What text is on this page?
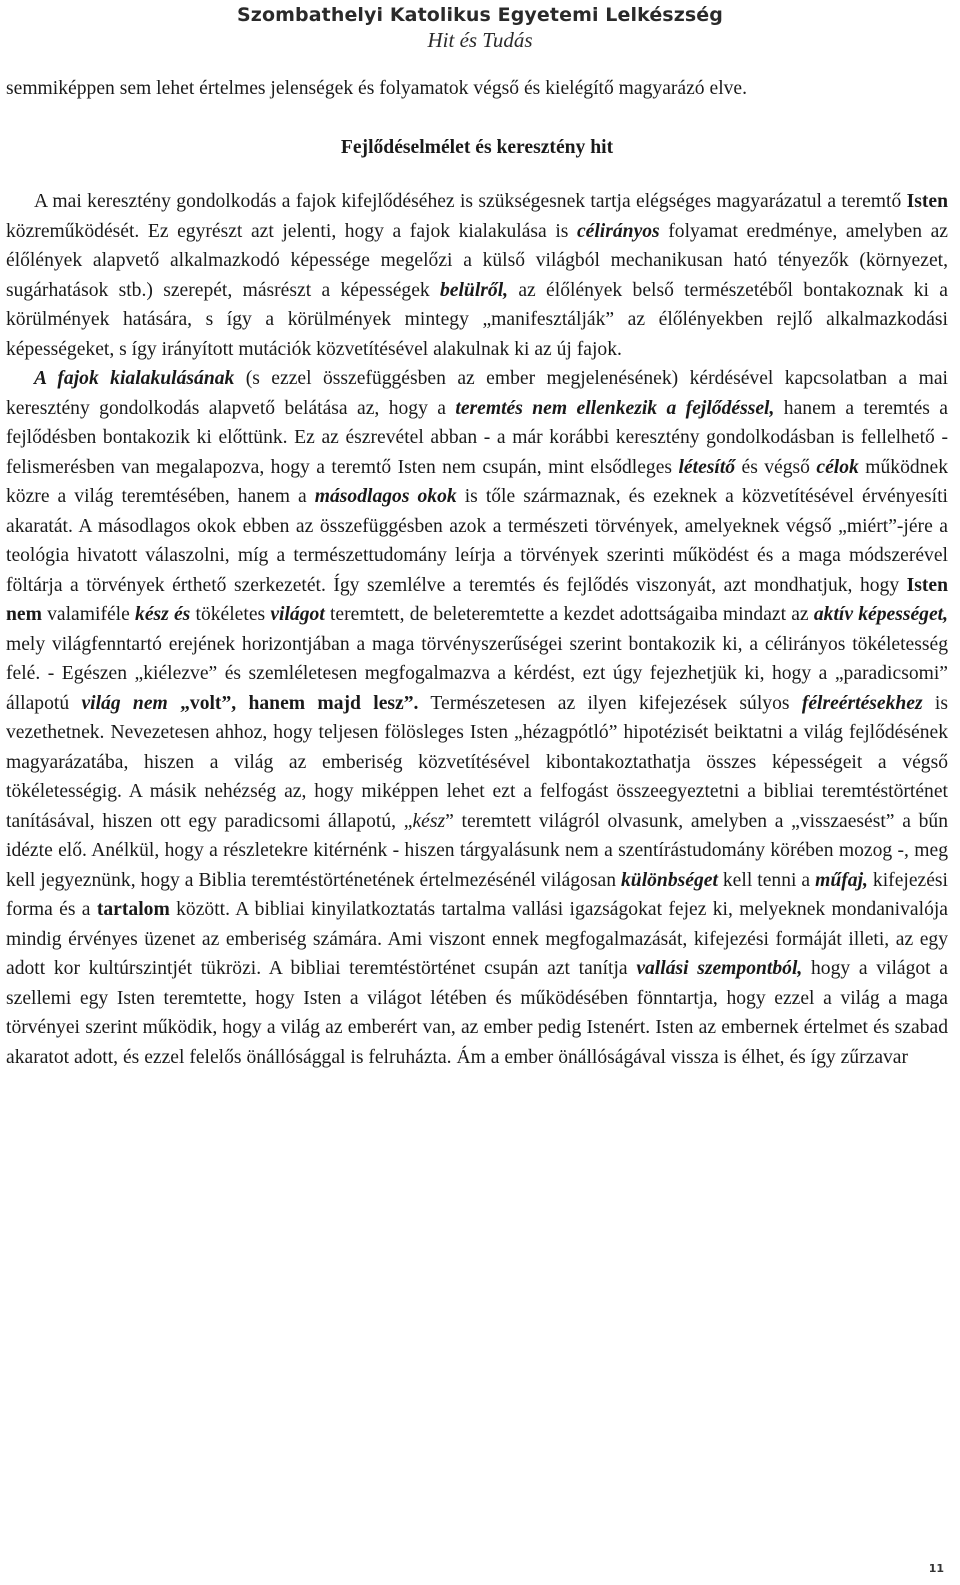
Szombathelyi Katolikus Egyetemi Lelkészség
Hit és Tudás

semmiképpen sem lehet értelmes jelenségek és folyamatok végső és kielégítő magyarázó elve.

Fejlődéselmélet és keresztény hit

A mai keresztény gondolkodás a fajok kifejlődéséhez is szükségesnek tartja elégséges magyarázatul a teremtő Isten közreműködését. Ez egyrészt azt jelenti, hogy a fajok kialakulása is célirányos folyamat eredménye, amelyben az élőlények alapvető alkalmazkodó képessége megelőzi a külső világból mechanikusan ható tényezők (környezet, sugárhatások stb.) szerepét, másrészt a képességek belülről, az élőlények belső természetéből bontakoznak ki a körülmények hatására, s így a körülmények mintegy „manifesztálják” az élőlényekben rejlő alkalmazkodási képességeket, s így irányított mutációk közvetítésével alakulnak ki az új fajok.

A fajok kialakulásának (s ezzel összefüggésben az ember megjelenésének) kérdésével kapcsolatban a mai keresztény gondolkodás alapvető belátása az, hogy a teremtés nem ellenkezik a fejlődéssel, hanem a teremtés a fejlődésben bontakozik ki előttünk. Ez az észrevétel abban - a már korábbi keresztény gondolkodásban is fellelhető - felismerésben van megalapozva, hogy a teremtő Isten nem csupán, mint elsődleges létesítő és végső célok működnek közre a világ teremtésében, hanem a másodlagos okok is tőle származnak, és ezeknek a közvetítésével érvényesíti akaratát. A másodlagos okok ebben az összefüggésben azok a természeti törvények, amelyeknek végső „miért”-jére a teológia hivatott válaszolni, míg a természettudomány leírja a törvények szerinti működést és a maga módszerével föltárja a törvények érthető szerkezetét. Így szemlélve a teremtés és fejlődés viszonyát, azt mondhatjuk, hogy Isten nem valamiféle kész és tökéletes világot teremtett, de beleteremtette a kezdet adottságaiba mindazt az aktív képességet, mely világfenntartó erejének horizontjában a maga törvényszerűségei szerint bontakozik ki, a célirányos tökéletesség felé. - Egészen „kiélezve” és szemléletesen megfogalmazva a kérdést, ezt úgy fejezhetjük ki, hogy a „paradicsomi” állapotú világ nem „volt”, hanem majd lesz”. Természetesen az ilyen kifejezések súlyos félreértésekhez is vezethetnek. Nevezetesen ahhoz, hogy teljesen fölösleges Isten „hézagpótló” hipotézisét beiktatni a világ fejlődésének magyarázatába, hiszen a világ az emberiség közvetítésével kibontakoztathatja összes képességeit a végső tökéletességig. A másik nehézség az, hogy miképpen lehet ezt a felfogást összeegyeztetni a bibliai teremtéstörténet tanításával, hiszen ott egy paradicsomi állapotú, „kész” teremtett világról olvasunk, amelyben a „visszaesést” a bűn idézte elő. Anélkül, hogy a részletekre kitérnénk - hiszen tárgyalásunk nem a szentírástudomány körében mozog -, meg kell jegyeznünk, hogy a Biblia teremtéstörténetének értelmezésénél világosan különbséget kell tenni a műfaj, kifejezési forma és a tartalom között. A bibliai kinyilatkoztatás tartalma vallási igazságokat fejez ki, melyeknek mondanivalója mindig érvényes üzenet az emberiség számára. Ami viszont ennek megfogalmazását, kifejezési formáját illeti, az egy adott kor kultúrszintjét tükrözi. A bibliai teremtéstörténet csupán azt tanítja vallási szempontból, hogy a világot a szellemi egy Isten teremtette, hogy Isten a világot létében és működésében fönntartja, hogy ezzel a világ a maga törvényei szerint működik, hogy a világ az emberért van, az ember pedig Istenért. Isten az embernek értelmet és szabad akaratot adott, és ezzel felelős önállósággal is felruházta. Ám a ember önállóságával vissza is élhet, és így zűrzavar

11
